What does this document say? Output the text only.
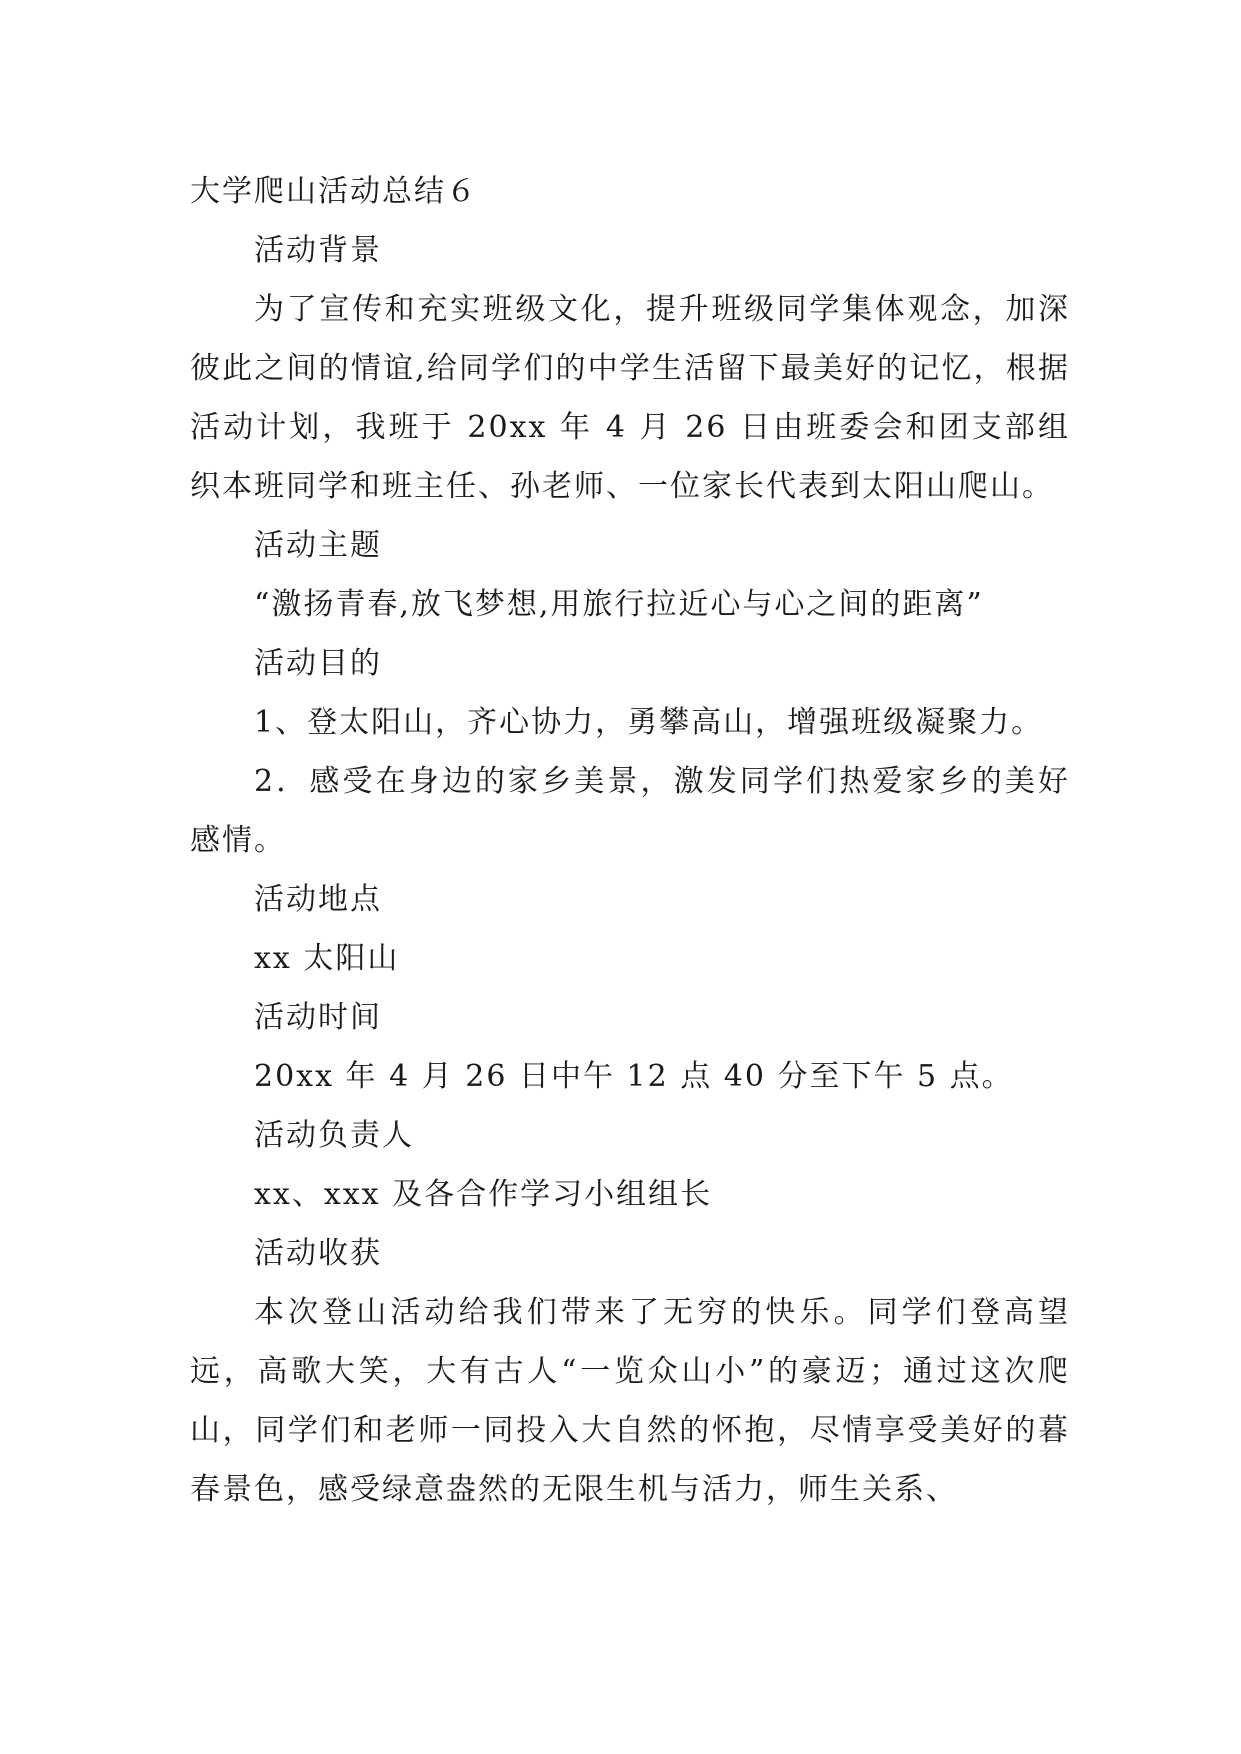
大学爬山活动总结６

活动背景

为了宣传和充实班级文化，提升班级同学集体观念，加深彼此之间的情谊,给同学们的中学生活留下最美好的记忆，根据活动计划，我班于 20xx 年 4 月 26 日由班委会和团支部组织本班同学和班主任、孙老师、一位家长代表到太阳山爬山。

活动主题

“激扬青春,放飞梦想,用旅行拉近心与心之间的距离”

活动目的

1、登太阳山，齐心协力，勇攀高山，增强班级凝聚力。

2．感受在身边的家乡美景，激发同学们热爱家乡的美好感情。

活动地点

xx 太阳山

活动时间

20xx 年 4 月 26 日中午 12 点 40 分至下午 5 点。

活动负责人

xx、xxx 及各合作学习小组组长

活动收获

本次登山活动给我们带来了无穷的快乐。同学们登高望远，高歌大笑，大有古人“一览众山小”的豪迈；通过这次爬山，同学们和老师一同投入大自然的怀抱，尽情享受美好的暮春景色，感受绿意盎然的无限生机与活力，师生关系、
